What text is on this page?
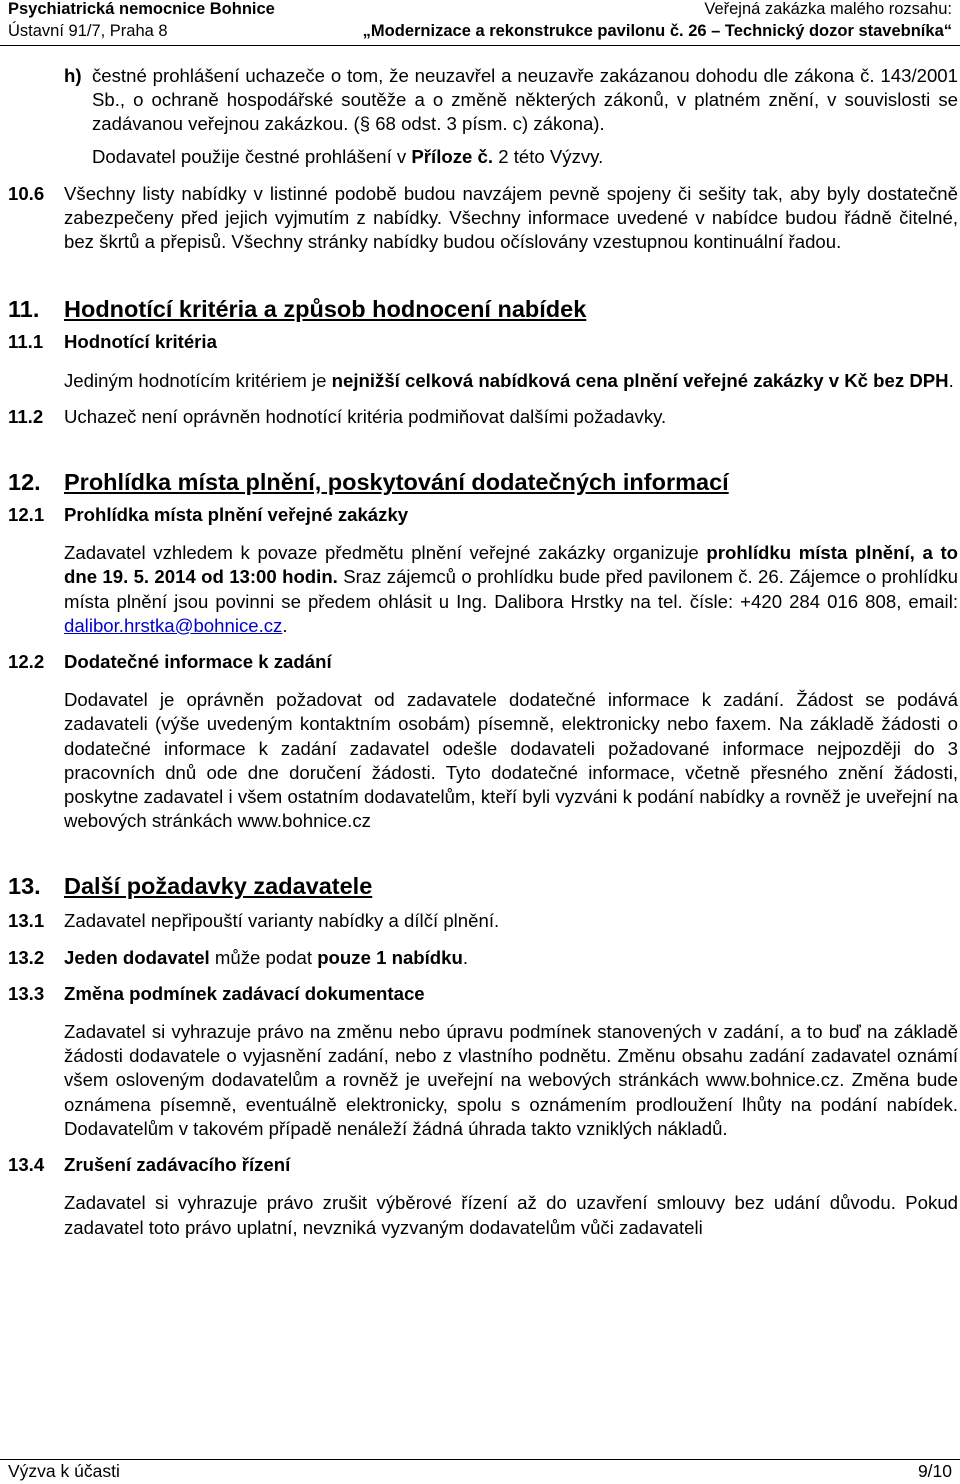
Psychiatrická nemocnice Bohnice
Ústavní 91/7, Praha 8
Veřejná zakázka malého rozsahu:
„Modernizace a rekonstrukce pavilonu č. 26 – Technický dozor stavebníka“
h) čestné prohlášení uchazeče o tom, že neuzavřel a neuzavře zakázanou dohodu dle zákona č. 143/2001 Sb., o ochraně hospodářské soutěže a o změně některých zákonů, v platném znění, v souvislosti se zadávanou veřejnou zakázkou. (§ 68 odst. 3 písm. c) zákona).

Dodavatel použije čestné prohlášení v Příloze č. 2 této Výzvy.

10.6 Všechny listy nabídky v listinné podobě budou navzájem pevně spojeny či sešity tak, aby byly dostatečně zabezpečeny před jejich vyjmutím z nabídky. Všechny informace uvedené v nabídce budou řádně čitelné, bez škrtů a přepisů. Všechny stránky nabídky budou očíslovány vzestupnou kontinuální řadou.

11. Hodnotící kritéria a způsob hodnocení nabídek

11.1 Hodnotící kritéria

Jediným hodnotícím kritériem je nejnižší celková nabídková cena plnění veřejné zakázky v Kč bez DPH.

11.2 Uchazeč není oprávněn hodnotící kritéria podmiňovat dalšími požadavky.

12. Prohlídka místa plnění, poskytování dodatečných informací

12.1 Prohlídka místa plnění veřejné zakázky

Zadavatel vzhledem k povaze předmětu plnění veřejné zakázky organizuje prohlídku místa plnění, a to dne 19. 5. 2014 od 13:00 hodin. Sraz zájemců o prohlídku bude před pavilonem č. 26. Zájemce o prohlídku místa plnění jsou povinni se předem ohlásit u Ing. Dalibora Hrstky na tel. čísle: +420 284 016 808, email: dalibor.hrstka@bohnice.cz.

12.2 Dodatečné informace k zadání

Dodavatel je oprávněn požadovat od zadavatele dodatečné informace k zadání. Žádost se podává zadavateli (výše uvedeným kontaktním osobám) písemně, elektronicky nebo faxem. Na základě žádosti o dodatečné informace k zadání zadavatel odešle dodavateli požadované informace nejpozději do 3 pracovních dnů ode dne doručení žádosti. Tyto dodatečné informace, včetně přesného znění žádosti, poskytne zadavatel i všem ostatním dodavatelům, kteří byli vyzváni k podání nabídky a rovněž je uveřejní na webových stránkách www.bohnice.cz

13. Další požadavky zadavatele

13.1 Zadavatel nepřipouští varianty nabídky a dílčí plnění.

13.2 Jeden dodavatel může podat pouze 1 nabídku.

13.3 Změna podmínek zadávací dokumentace

Zadavatel si vyhrazuje právo na změnu nebo úpravu podmínek stanovených v zadání, a to buď na základě žádosti dodavatele o vyjasnění zadání, nebo z vlastního podnětu. Změnu obsahu zadání zadavatel oznámí všem osloveným dodavatelům a rovněž je uveřejní na webových stránkách www.bohnice.cz. Změna bude oznámena písemně, eventuálně elektronicky, spolu s oznámením prodloužení lhůty na podání nabídek. Dodavatelům v takovém případě nenáleží žádná úhrada takto vzniklých nákladů.

13.4 Zrušení zadávacího řízení

Zadavatel si vyhrazuje právo zrušit výběrové řízení až do uzavření smlouvy bez udání důvodu. Pokud zadavatel toto právo uplatní, nevzniká vyzvaným dodavatelům vůči zadavateli

Výzva k účasti	9/10
